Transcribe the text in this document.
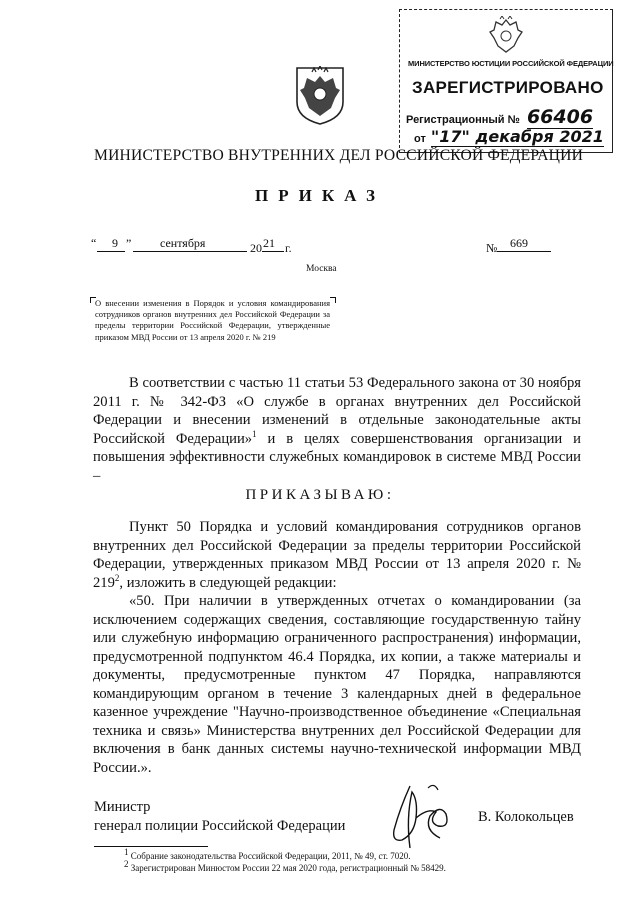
МИНИСТЕРСТВО ЮСТИЦИИ РОССИЙСКОЙ ФЕДЕРАЦИИ
ЗАРЕГИСТРИРОВАНО
Регистрационный № 66406
от "17" декабря 2021
МИНИСТЕРСТВО ВНУТРЕННИХ ДЕЛ РОССИЙСКОЙ ФЕДЕРАЦИИ
ПРИКАЗ
“ 9 ” сентября	20 21 г.	№ 669
Москва
О внесении изменения в Порядок и условия командирования сотрудников органов внутренних дел Российской Федерации за пределы территории Российской Федерации, утвержденные приказом МВД России от 13 апреля 2020 г. № 219

В соответствии с частью 11 статьи 53 Федерального закона от 30 ноября 2011 г. № 342-ФЗ «О службе в органах внутренних дел Российской Федерации и внесении изменений в отдельные законодательные акты Российской Федерации»$^1$ и в целях совершенствования организации и повышения эффективности служебных командировок в системе МВД России –

ПРИКАЗЫВАЮ:

Пункт 50 Порядка и условий командирования сотрудников органов внутренних дел Российской Федерации за пределы территории Российской Федерации, утвержденных приказом МВД России от 13 апреля 2020 г. № $219^2$, изложить в следующей редакции:

«50. При наличии в утвержденных отчетах о командировании (за исключением содержащих сведения, составляющие государственную тайну или служебную информацию ограниченного распространения) информации, предусмотренной подпунктом 46.4 Порядка, их копии, а также материалы и документы, предусмотренные пунктом 47 Порядка, направляются командирующим органом в течение 3 календарных дней в федеральное казенное учреждение "Научно-производственное объединение «Специальная техника и связь» Министерства внутренних дел Российской Федерации для включения в банк данных системы научно-технической информации МВД России.».

Министр
генерал полиции Российской Федерации
В. Колокольцев
$^1$ Собрание законодательства Российской Федерации, 2011, № 49, ст. 7020.
$^2$ Зарегистрирован Минюстом России 22 мая 2020 года, регистрационный № 58429.
